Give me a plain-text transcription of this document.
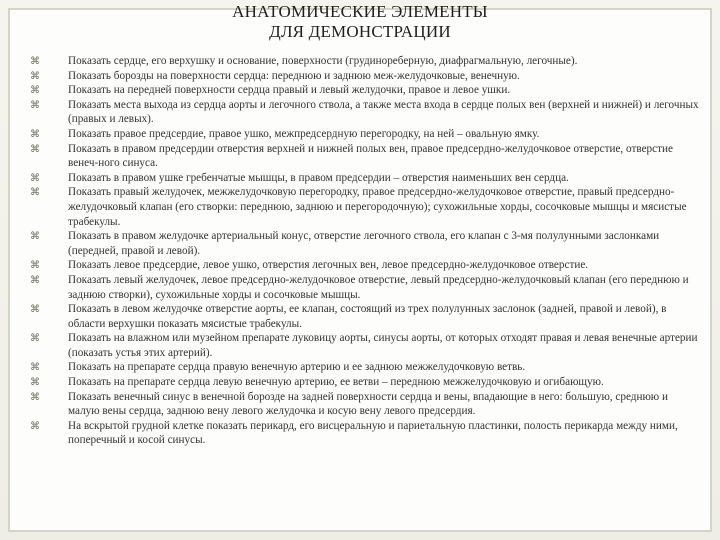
АНАТОМИЧЕСКИЕ ЭЛЕМЕНТЫ
ДЛЯ ДЕМОНСТРАЦИИ
⌘	Показать сердце, его верхушку и основание, поверхности (грудинореберную, диафрагмальную, легочные).
⌘	Показать борозды на поверхности сердца: переднюю и заднюю меж-желудочковые, венечную.
⌘	Показать на передней поверхности сердца правый и левый желудочки, правое и левое ушки.
⌘	Показать места выхода из сердца аорты и легочного ствола, а также места входа в сердце полых вен (верхней и нижней) и легочных (правых и левых).
⌘	Показать правое предсердие, правое ушко, межпредсердную перегородку, на ней – овальную ямку.
⌘	Показать в правом предсердии отверстия верхней и нижней полых вен, правое предсердно-желудочковое отверстие, отверстие венеч-ного синуса.
⌘	Показать в правом ушке гребенчатые мышцы, в правом предсердии – отверстия наименьших вен сердца.
⌘	Показать правый желудочек, межжелудочковую перегородку, правое предсердно-желудочковое отверстие, правый предсердно-желудочковый клапан (его створки: переднюю, заднюю и перегородочную); сухожильные хорды, сосочковые мышцы и мясистые трабекулы.
⌘	Показать в правом желудочке артериальный конус, отверстие легочного ствола, его клапан с 3-мя полулунными заслонками (передней, правой и левой).
⌘	Показать левое предсердие, левое ушко, отверстия легочных вен, левое предсердно-желудочковое отверстие.
⌘	Показать левый желудочек, левое предсердно-желудочковое отверстие, левый предсердно-желудочковый клапан (его переднюю и заднюю створки), сухожильные хорды и сосочковые мышцы.
⌘	Показать в левом желудочке отверстие аорты, ее клапан, состоящий из трех полулунных заслонок (задней, правой и левой), в области верхушки показать мясистые трабекулы.
⌘	Показать на влажном или музейном препарате луковицу аорты, синусы аорты, от которых отходят правая и левая венечные артерии (показать устья этих артерий).
⌘	Показать на препарате сердца правую венечную артерию и ее заднюю межжелудочковую ветвь.
⌘	Показать на препарате сердца левую венечную артерию, ее ветви – переднюю межжелудочковую и огибающую.
⌘	Показать венечный синус в венечной борозде на задней поверхности сердца и вены, впадающие в него: большую, среднюю и малую вены сердца, заднюю вену левого желудочка и косую вену левого предсердия.
⌘	На вскрытой грудной клетке показать перикард, его висцеральную и париетальную пластинки, полость перикарда между ними, поперечный и косой синусы.
